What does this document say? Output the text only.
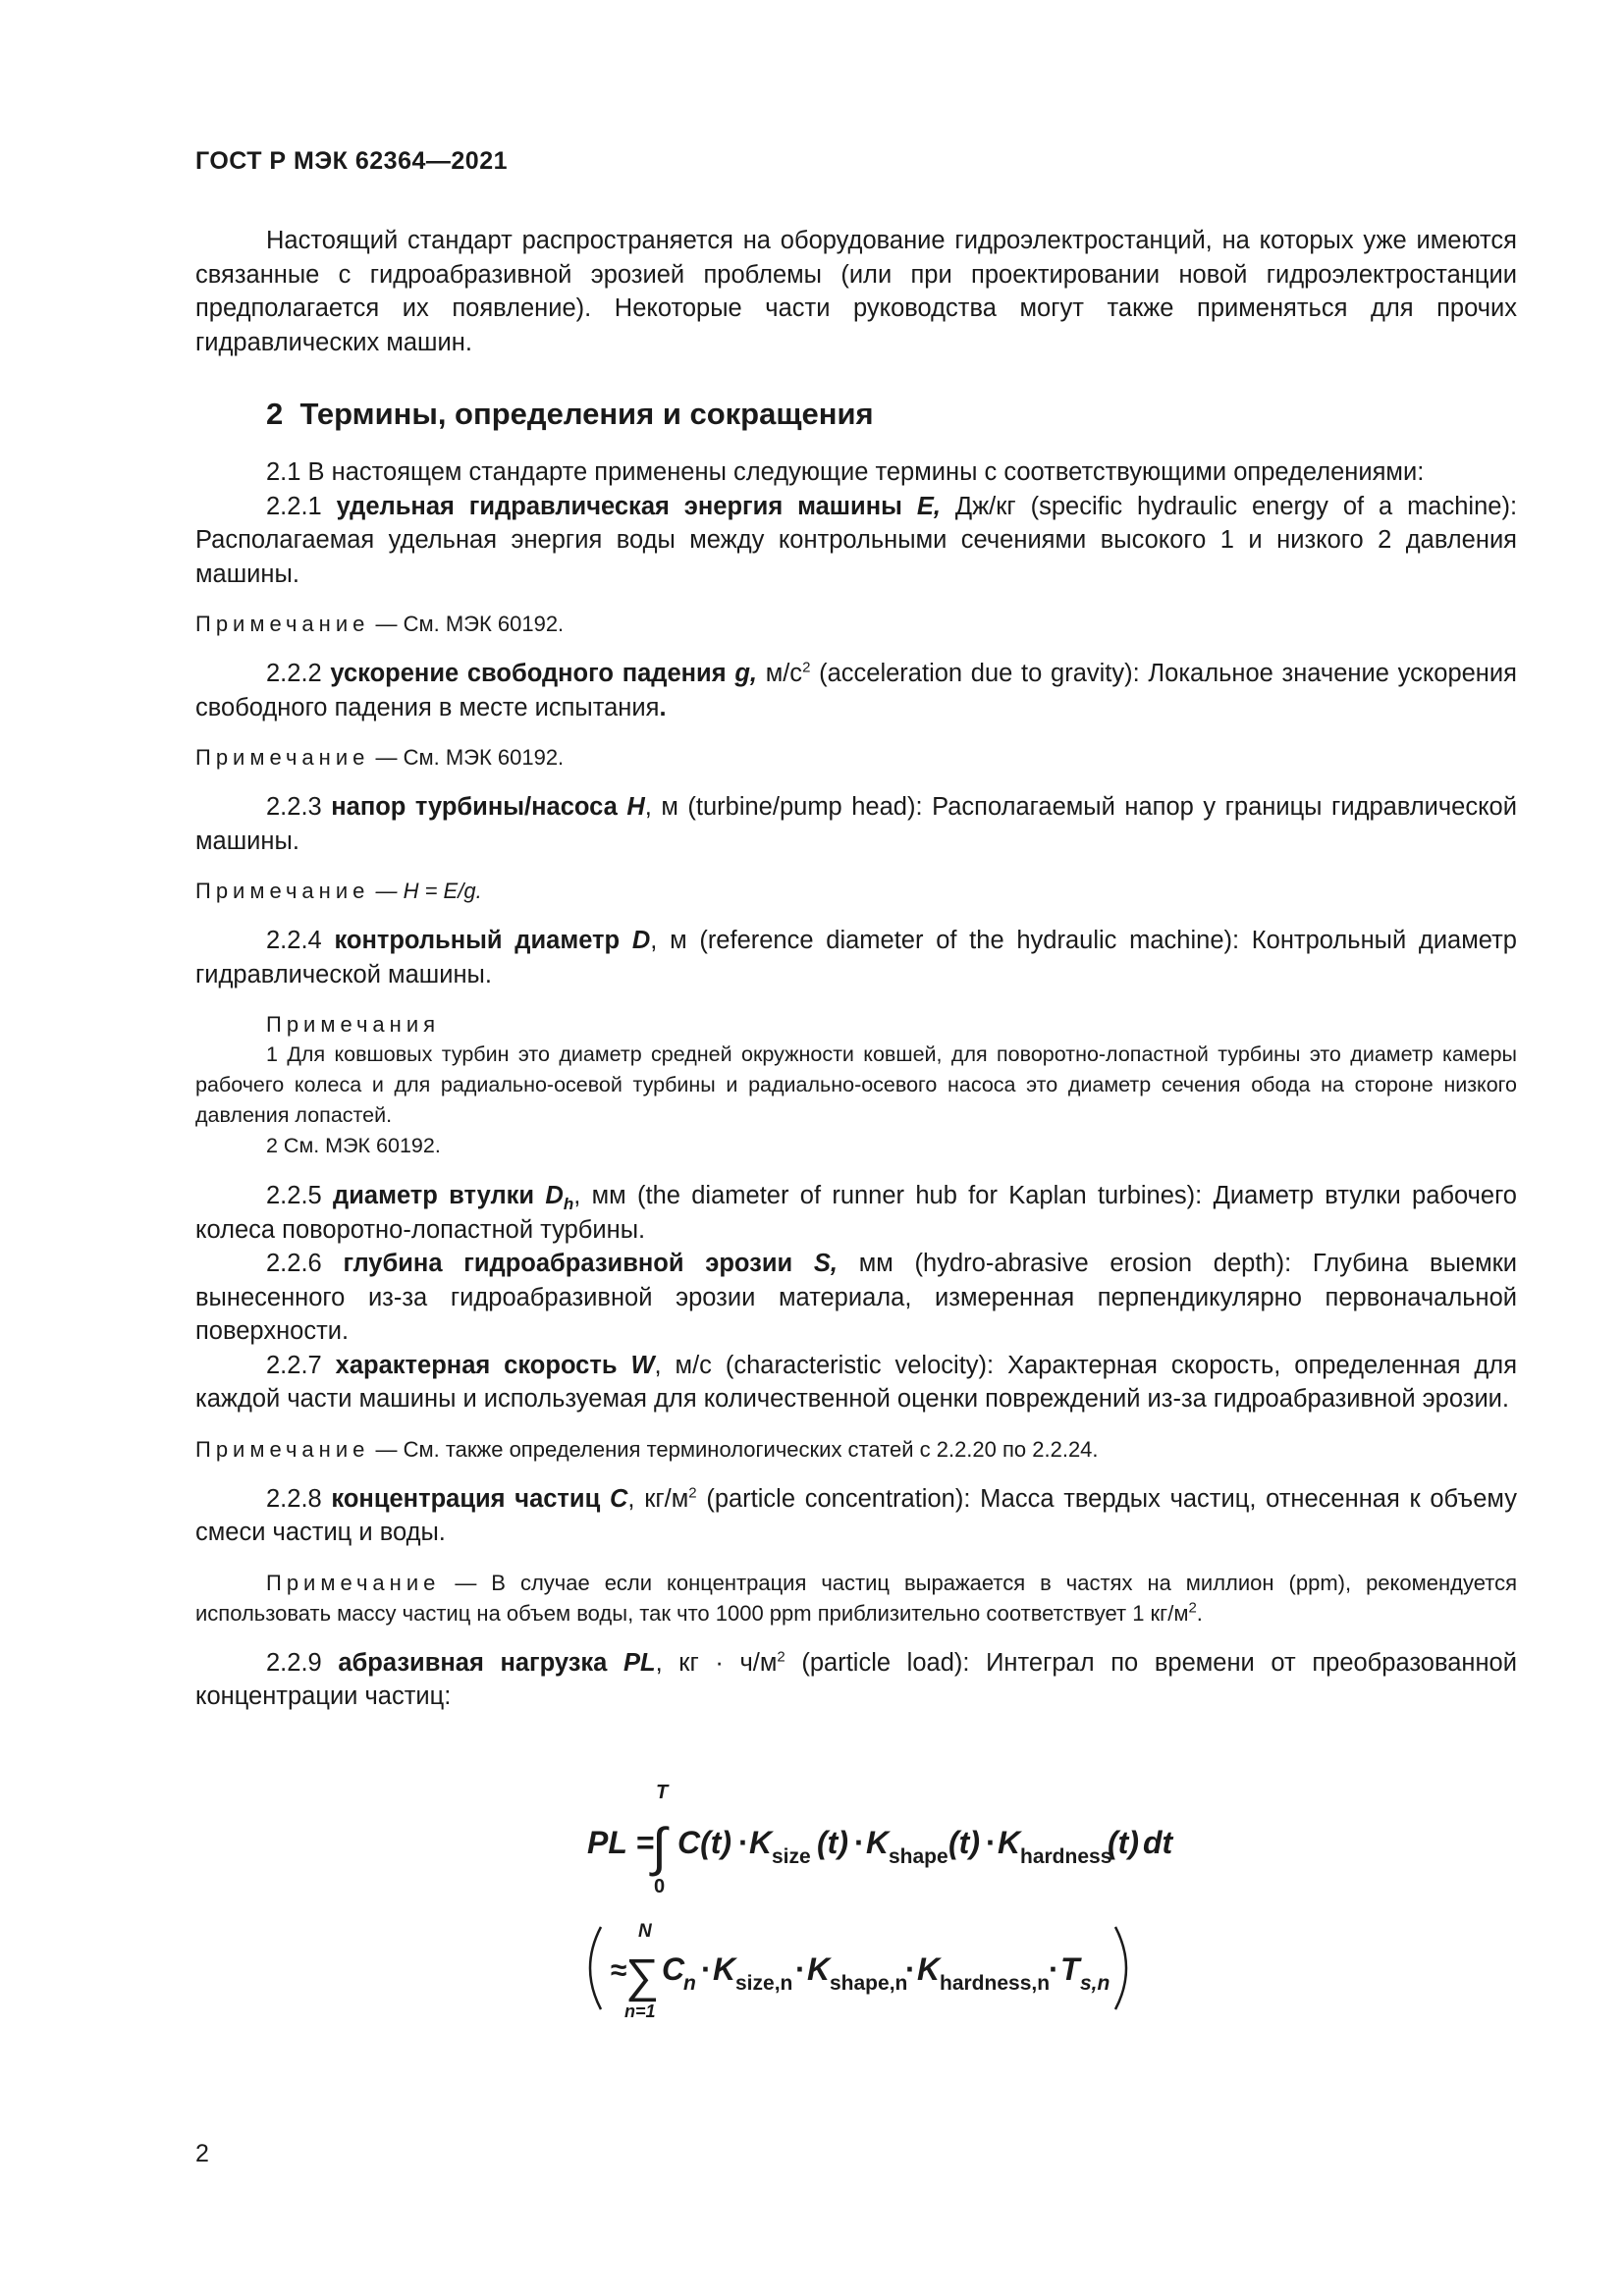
ГОСТ Р МЭК 62364—2021

Настоящий стандарт распространяется на оборудование гидроэлектростанций, на которых уже имеются связанные с гидроабразивной эрозией проблемы (или при проектировании новой гидроэлектростанции предполагается их появление). Некоторые части руководства могут также применяться для прочих гидравлических машин.

2 Термины, определения и сокращения

2.1 В настоящем стандарте применены следующие термины с соответствующими определениями:

2.2.1 удельная гидравлическая энергия машины E, Дж/кг (specific hydraulic energy of a machine): Располагаемая удельная энергия воды между контрольными сечениями высокого 1 и низкого 2 давления машины.

Примечание — См. МЭК 60192.

2.2.2 ускорение свободного падения g, $м/с^2$ (acceleration due to gravity): Локальное значение ускорения свободного падения в месте испытания.

Примечание — См. МЭК 60192.

2.2.3 напор турбины/насоса H, м (turbine/pump head): Располагаемый напор у границы гидравлической машины.

Примечание — H = E/g.

2.2.4 контрольный диаметр D, м (reference diameter of the hydraulic machine): Контрольный диаметр гидравлической машины.

Примечания

1 Для ковшовых турбин это диаметр средней окружности ковшей, для поворотно-лопастной турбины это диаметр камеры рабочего колеса и для радиально-осевой турбины и радиально-осевого насоса это диаметр сечения обода на стороне низкого давления лопастей.

2 См. МЭК 60192.

2.2.5 диаметр втулки $D_h$, мм (the diameter of runner hub for Kaplan turbines): Диаметр втулки рабочего колеса поворотно-лопастной турбины.

2.2.6 глубина гидроабразивной эрозии S, мм (hydro-abrasive erosion depth): Глубина выемки вынесенного из-за гидроабразивной эрозии материала, измеренная перпендикулярно первоначальной поверхности.

2.2.7 характерная скорость W, м/с (characteristic velocity): Характерная скорость, определенная для каждой части машины и используемая для количественной оценки повреждений из-за гидроабразивной эрозии.

Примечание — См. также определения терминологических статей с 2.2.20 по 2.2.24.

2.2.8 концентрация частиц C, $кг/м^2$ (particle concentration): Масса твердых частиц, отнесенная к объему смеси частиц и воды.

Примечание — В случае если концентрация частиц выражается в частях на миллион (ppm), рекомендуется использовать массу частиц на объем воды, так что 1000 ppm приблизительно соответствует 1 $кг/м^2$.

2.2.9 абразивная нагрузка PL, кг · $ч/м^2$ (particle load): Интеграл по времени от преобразованной концентрации частиц:

PL =
T
∫
0
C(t) · K size (t) · K shape (t) · K hardness
(t) dt
≈
N
∑
n=1
C
n · K size,n · K shape,n
· K hardness,n
· T s,n
2
